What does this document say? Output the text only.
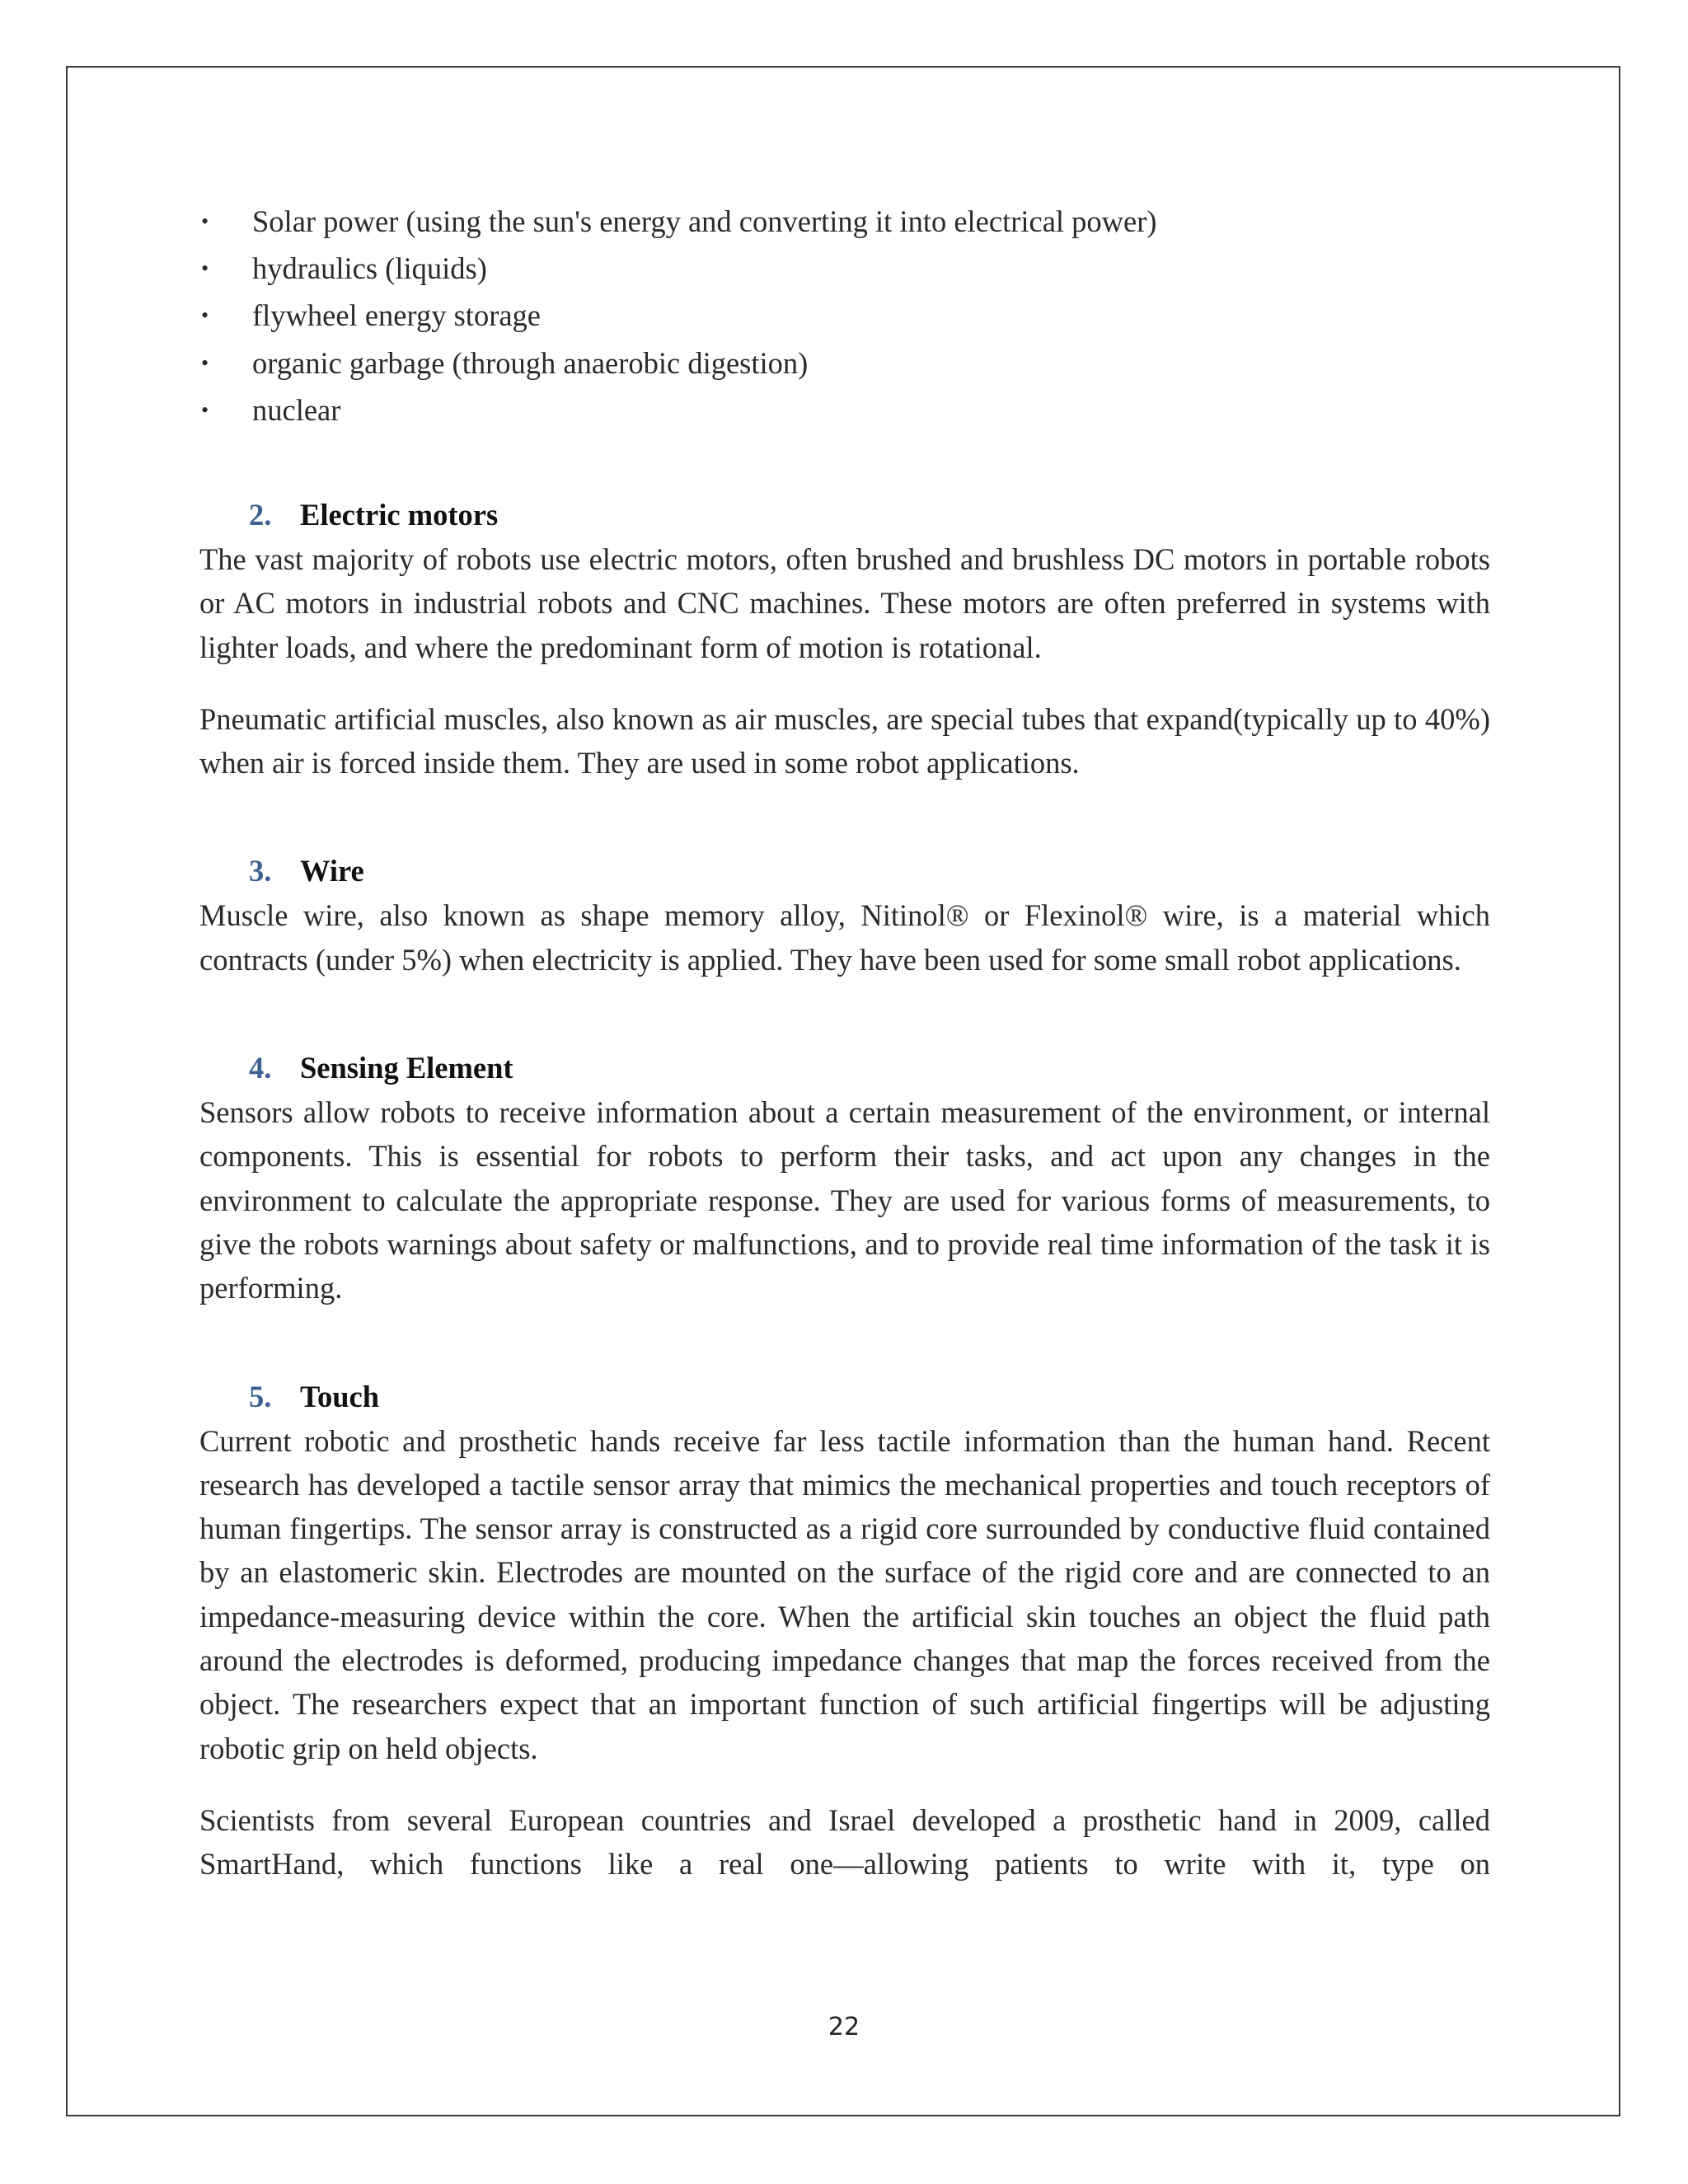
• Solar power (using the sun's energy and converting it into electrical power)
• hydraulics (liquids)
• flywheel energy storage
• organic garbage (through anaerobic digestion)
• nuclear
2. Electric motors

The vast majority of robots use electric motors, often brushed and brushless DC motors in portable robots or AC motors in industrial robots and CNC machines. These motors are often preferred in systems with lighter loads, and where the predominant form of motion is rotational.

Pneumatic artificial muscles, also known as air muscles, are special tubes that expand(typically up to 40%) when air is forced inside them. They are used in some robot applications.

3. Wire

Muscle wire, also known as shape memory alloy, Nitinol® or Flexinol® wire, is a material which contracts (under 5%) when electricity is applied. They have been used for some small robot applications.

4. Sensing Element

Sensors allow robots to receive information about a certain measurement of the environment, or internal components. This is essential for robots to perform their tasks, and act upon any changes in the environment to calculate the appropriate response. They are used for various forms of measurements, to give the robots warnings about safety or malfunctions, and to provide real time information of the task it is performing.

5. Touch

Current robotic and prosthetic hands receive far less tactile information than the human hand. Recent research has developed a tactile sensor array that mimics the mechanical properties and touch receptors of human fingertips. The sensor array is constructed as a rigid core surrounded by conductive fluid contained by an elastomeric skin. Electrodes are mounted on the surface of the rigid core and are connected to an impedance-measuring device within the core. When the artificial skin touches an object the fluid path around the electrodes is deformed, producing impedance changes that map the forces received from the object. The researchers expect that an important function of such artificial fingertips will be adjusting robotic grip on held objects.

Scientists from several European countries and Israel developed a prosthetic hand in 2009, called SmartHand, which functions like a real one—allowing patients to write with it, type on

22
